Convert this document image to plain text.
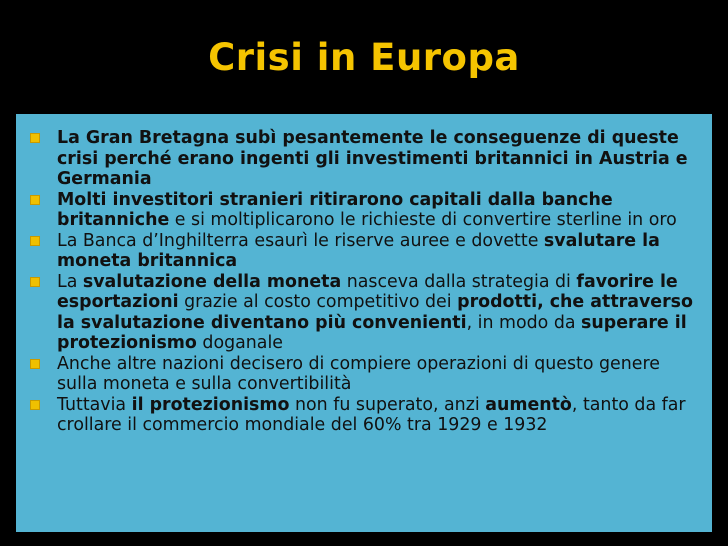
Crisi in Europa
La Gran Bretagna subì pesantemente le conseguenze di queste crisi perché erano ingenti gli investimenti britannici in Austria e Germania
Molti investitori stranieri ritirarono capitali dalla banche britanniche e si moltiplicarono le richieste di convertire sterline in oro
La Banca d’Inghilterra esaurì le riserve auree e dovette svalutare la moneta britannica
La svalutazione della moneta nasceva dalla strategia di favorire le esportazioni grazie al costo competitivo dei prodotti, che attraverso la svalutazione diventano più convenienti, in modo da superare il protezionismo doganale
Anche altre nazioni decisero di compiere operazioni di questo genere sulla moneta e sulla convertibilità
Tuttavia il protezionismo non fu superato, anzi aumentò, tanto da far crollare il commercio mondiale del 60% tra 1929 e 1932
